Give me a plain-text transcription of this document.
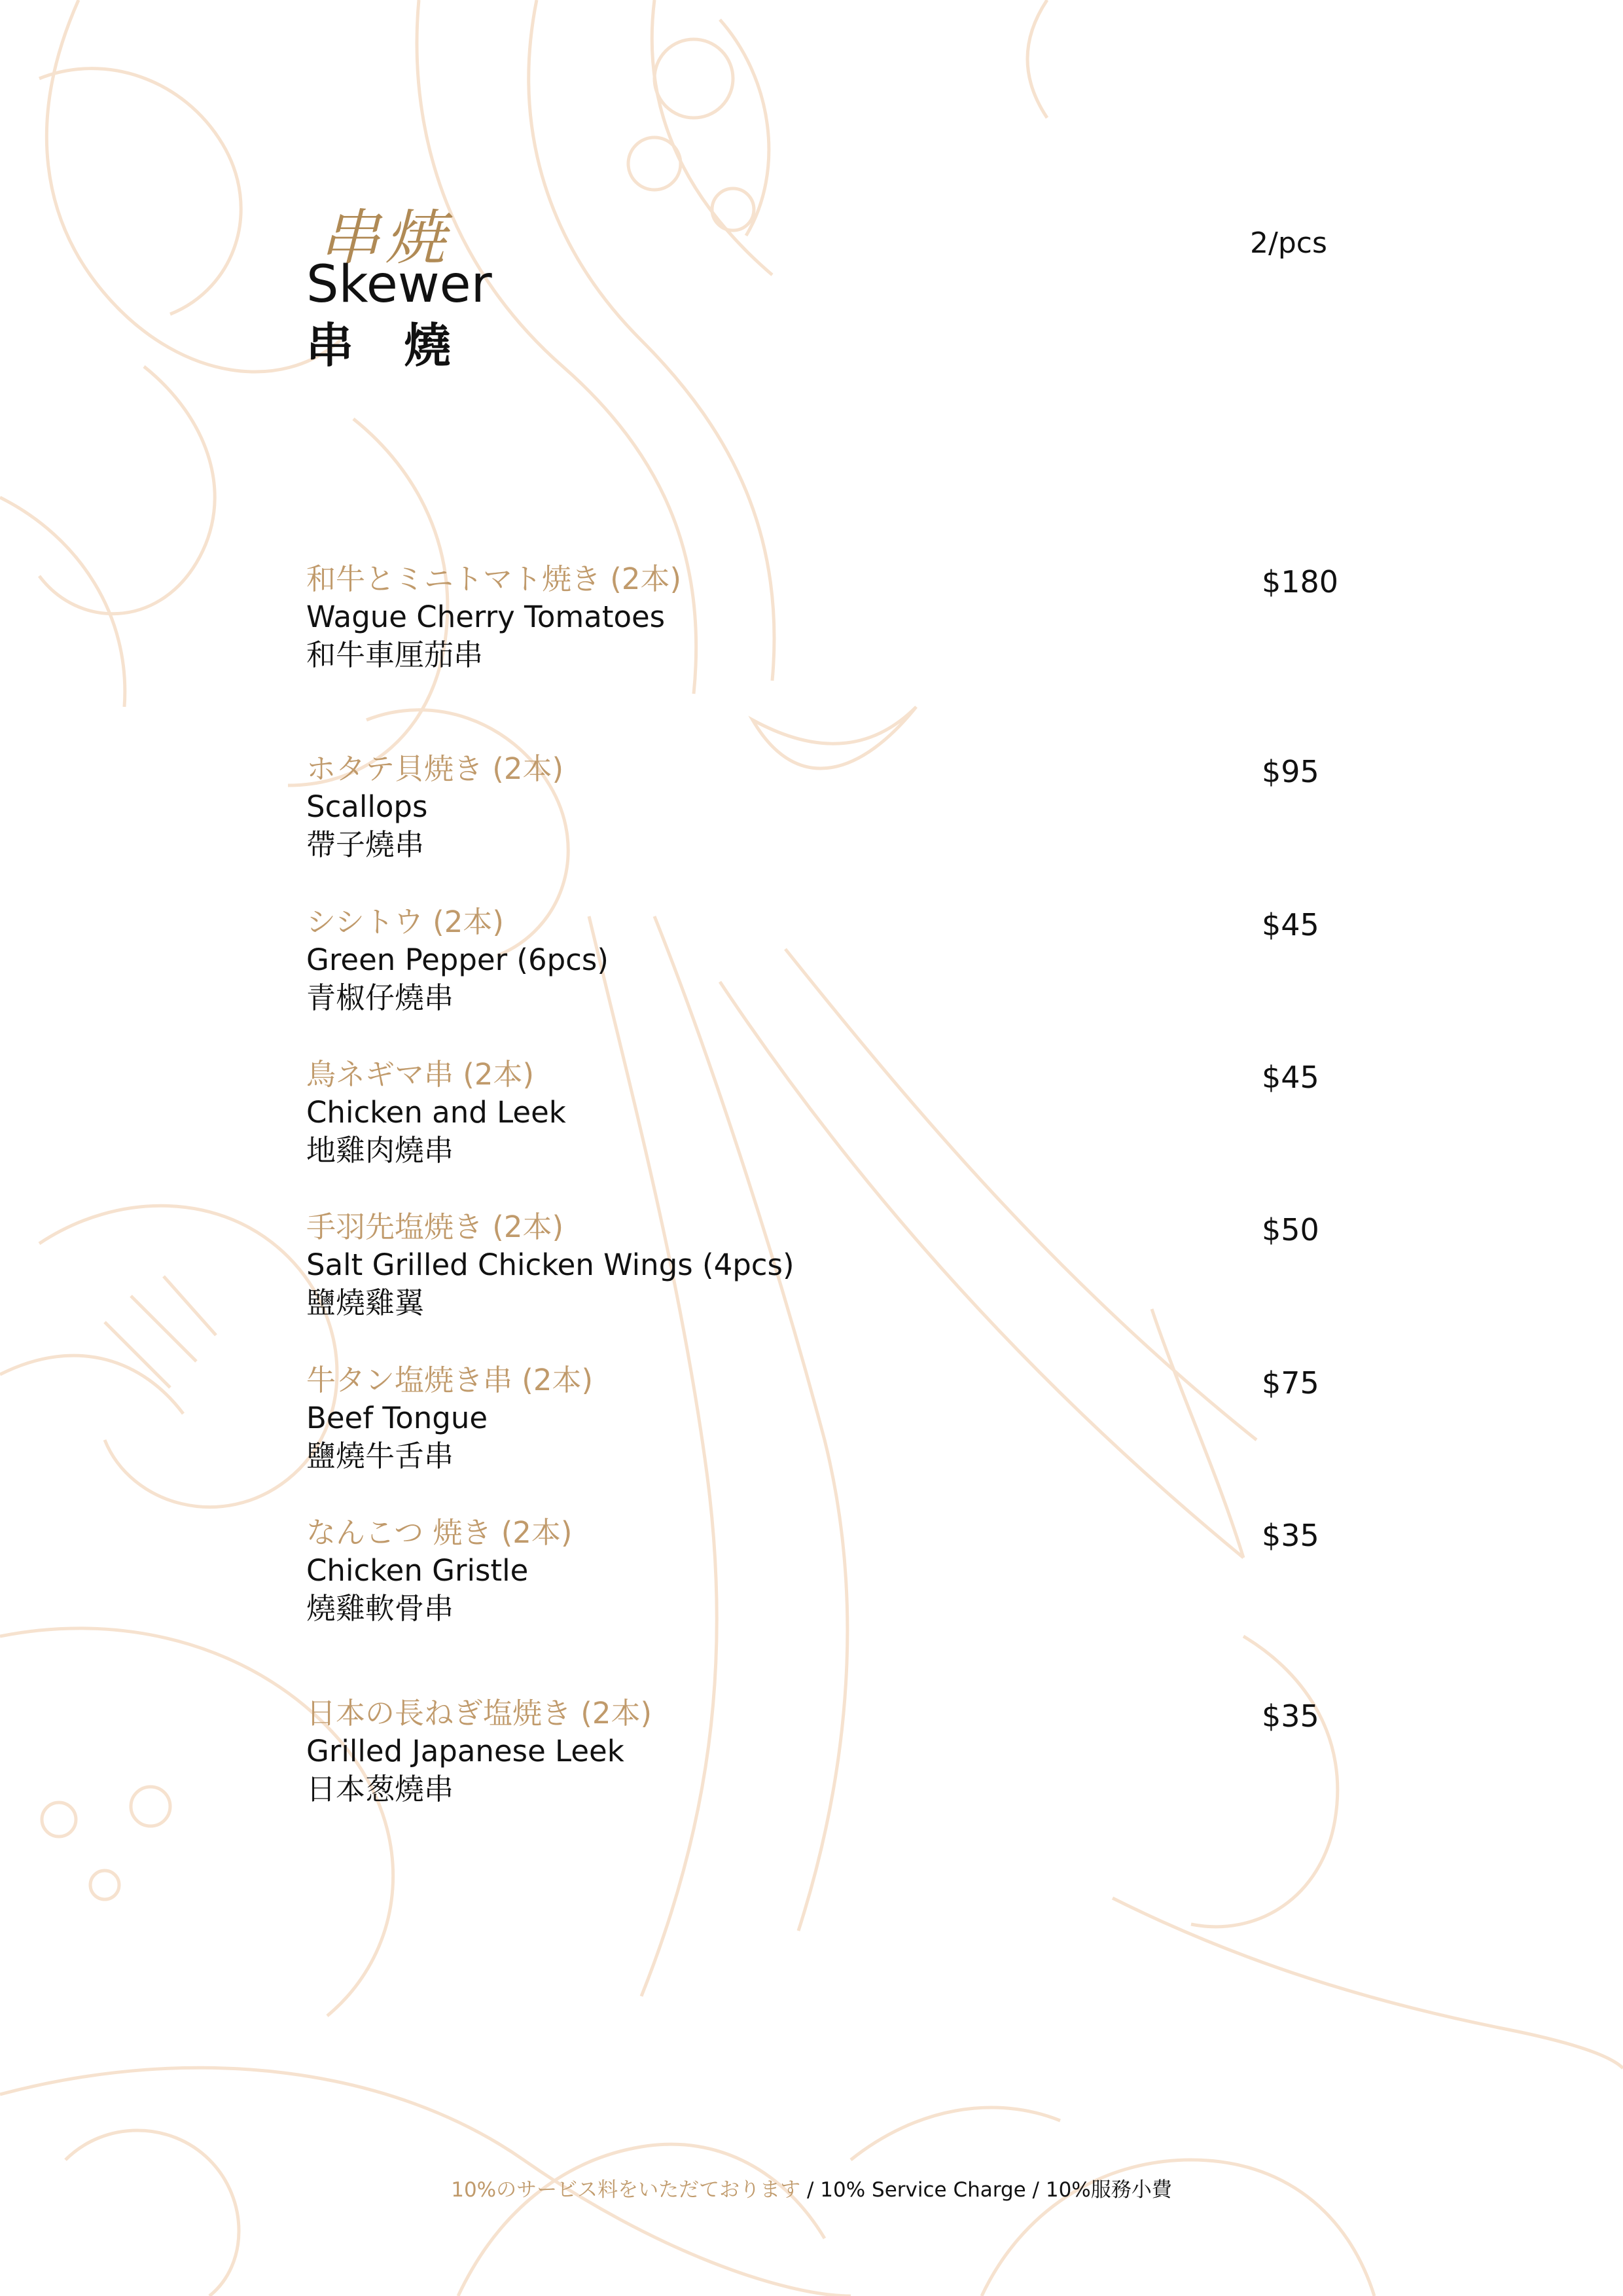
串焼
Skewer
串 燒
2/pcs
和牛とミニトマト焼き (2本)
Wague Cherry Tomatoes
和牛車厘茄串
$180
ホタテ貝焼き (2本)
Scallops
帶子燒串
$95
シシトウ (2本)
Green Pepper (6pcs)
青椒仔燒串
$45
鳥ネギマ串 (2本)
Chicken and Leek
地雞肉燒串
$45
手羽先塩焼き (2本)
Salt Grilled Chicken Wings (4pcs)
鹽燒雞翼
$50
牛タン塩焼き串 (2本)
Beef Tongue
鹽燒牛舌串
$75
なんこつ 焼き (2本)
Chicken Gristle
燒雞軟骨串
$35
日本の長ねぎ塩焼き (2本)
Grilled Japanese Leek
日本葱燒串
$35
10%のサービス料をいただております / 10% Service Charge / 10%服務小費
